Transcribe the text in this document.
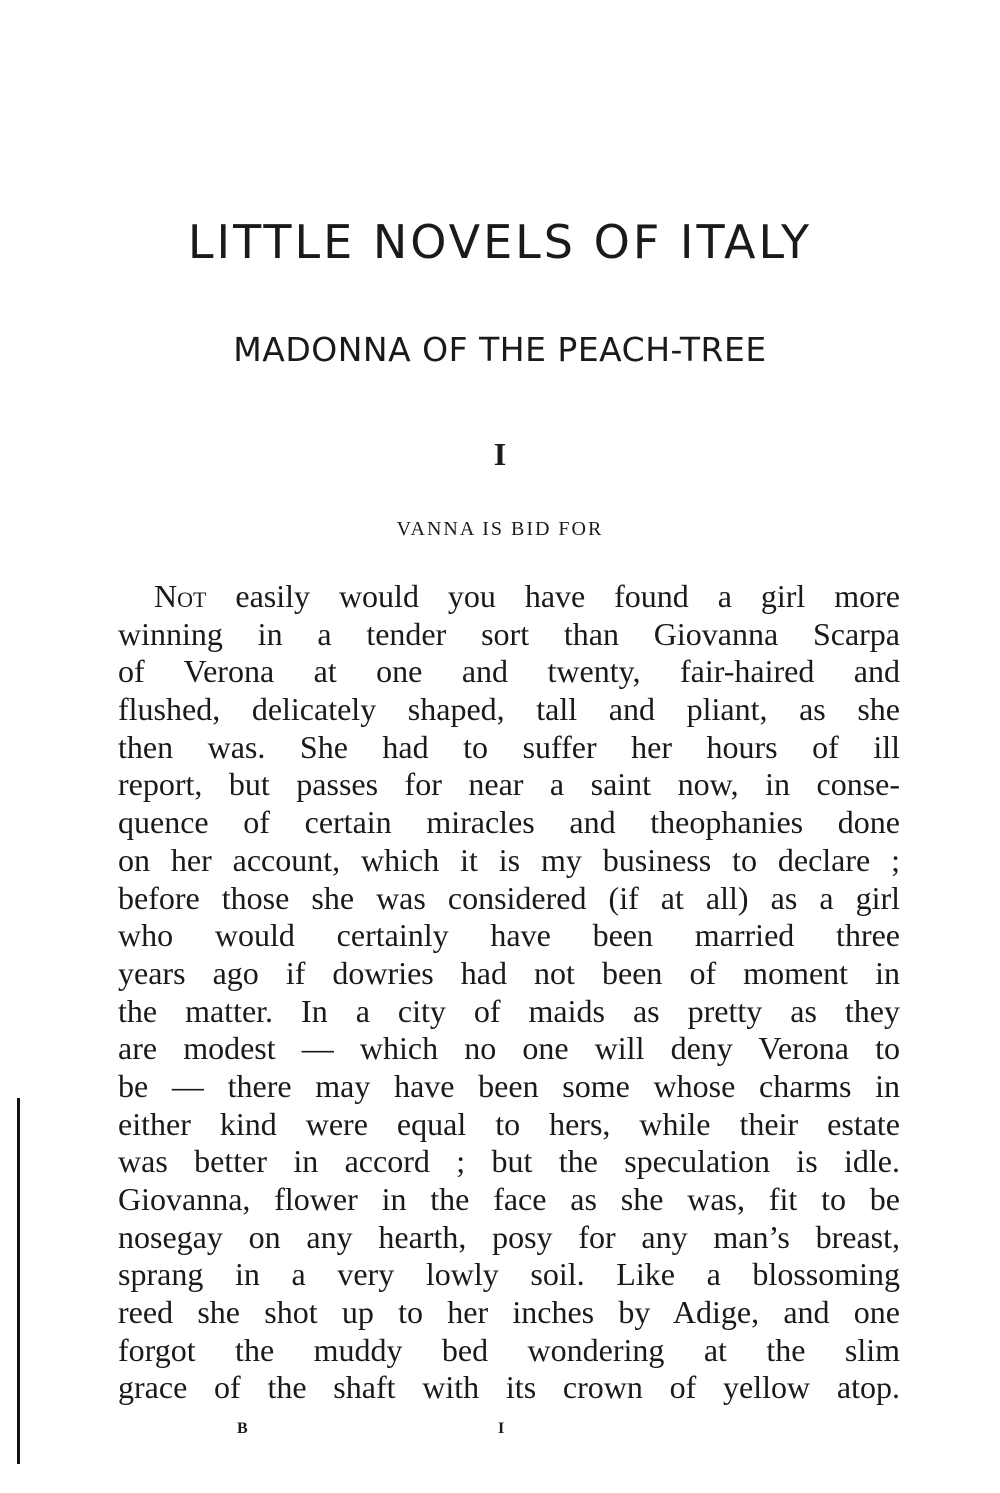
LITTLE NOVELS OF ITALY
MADONNA OF THE PEACH-TREE
I
VANNA IS BID FOR
Not easily would you have found a girl more
winning in a tender sort than Giovanna Scarpa
of Verona at one and twenty, fair-haired and
flushed, delicately shaped, tall and pliant, as she
then was. She had to suffer her hours of ill
report, but passes for near a saint now, in conse-
quence of certain miracles and theophanies done
on her account, which it is my business to declare ;
before those she was considered (if at all) as a girl
who would certainly have been married three
years ago if dowries had not been of moment in
the matter. In a city of maids as pretty as they
are modest — which no one will deny Verona to
be — there may have been some whose charms in
either kind were equal to hers, while their estate
was better in accord ; but the speculation is idle.
Giovanna, flower in the face as she was, fit to be
nosegay on any hearth, posy for any man’s breast,
sprang in a very lowly soil. Like a blossoming
reed she shot up to her inches by Adige, and one
forgot the muddy bed wondering at the slim
grace of the shaft with its crown of yellow atop.
B	I
